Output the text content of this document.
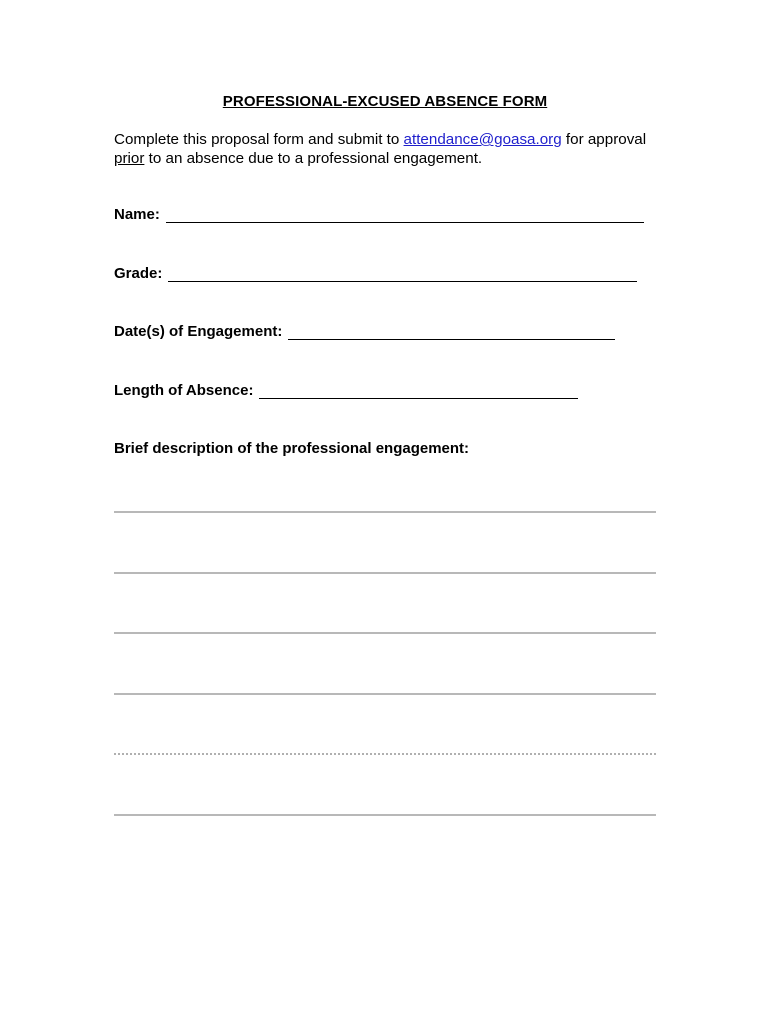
PROFESSIONAL-EXCUSED ABSENCE FORM
Complete this proposal form and submit to attendance@goasa.org for approval
prior to an absence due to a professional engagement.
Name:
Grade:
Date(s) of Engagement:
Length of Absence:
Brief description of the professional engagement:
